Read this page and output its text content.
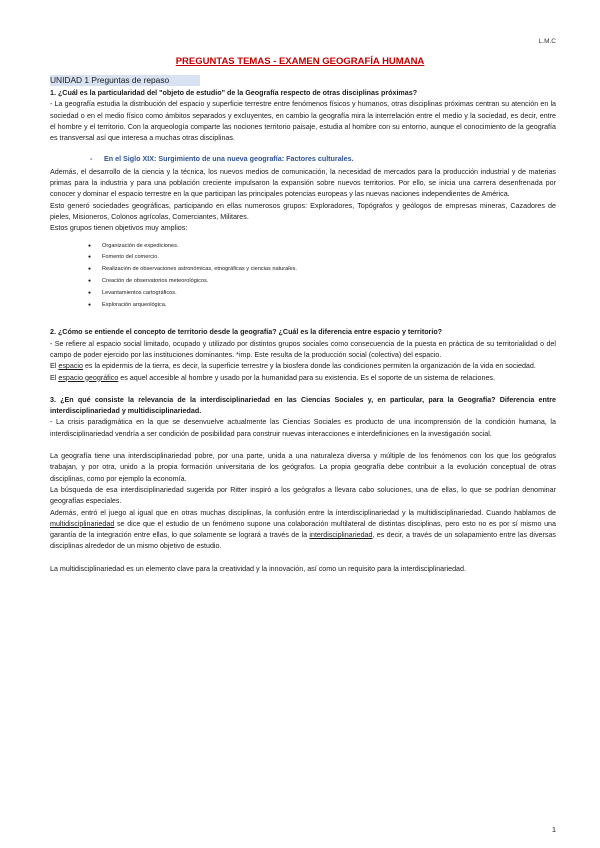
L.M.C
PREGUNTAS TEMAS - EXAMEN GEOGRAFÍA HUMANA
UNIDAD 1 Preguntas de repaso

1. ¿Cuál es la particularidad del "objeto de estudio" de la Geografía respecto de otras disciplinas próximas?

- La geografía estudia la distribución del espacio y superficie terrestre entre fenómenos físicos y humanos, otras disciplinas próximas centran su atención en la sociedad o en el medio físico como ámbitos separados y excluyentes, en cambio la geografía mira la interrelación entre el medio y la sociedad, es decir, entre el hombre y el territorio. Con la arqueología comparte las nociones territorio paisaje, estudia al hombre con su entorno, aunque el conocimiento de la geografía es transversal así que interesa a muchas otras disciplinas.

- En el Siglo XIX: Surgimiento de una nueva geografía: Factores culturales.

Además, el desarrollo de la ciencia y la técnica, los nuevos medios de comunicación, la necesidad de mercados para la producción industrial y de materias primas para la industria y para una población creciente impulsaron la expansión sobre nuevos territorios. Por ello, se inicia una carrera desenfrenada por conocer y dominar el espacio terrestre en la que participan las principales potencias europeas y las nuevas naciones independientes de América.

Esto generó sociedades geográficas, participando en ellas numerosos grupos: Exploradores, Topógrafos y geólogos de empresas mineras, Cazadores de pieles, Misioneros, Colonos agrícolas, Comerciantes, Militares.

Estos grupos tienen objetivos muy amplios:

● Organización de expediciones.
● Fomento del comercio.
● Realización de observaciones astronómicas, etnográficas y ciencias naturales.
● Creación de observatorios meteorológicos.
● Levantamientos cartográficos.
● Exploración arqueológica.

2. ¿Cómo se entiende el concepto de territorio desde la geografía? ¿Cuál es la diferencia entre espacio y territorio?

- Se refiere al espacio social limitado, ocupado y utilizado por distintos grupos sociales como consecuencia de la puesta en práctica de su territorialidad o del campo de poder ejercido por las instituciones dominantes. *imp. Este resulta de la producción social (colectiva) del espacio.

El espacio es la epidermis de la tierra, es decir, la superficie terrestre y la biosfera donde las condiciones permiten la organización de la vida en sociedad.

El espacio geográfico es aquel accesible al hombre y usado por la humanidad para su existencia. Es el soporte de un sistema de relaciones.

3. ¿En qué consiste la relevancia de la interdisciplinariedad en las Ciencias Sociales y, en particular, para la Geografía? Diferencia entre interdisciplinariedad y multidisciplinariedad.

- La crisis paradigmática en la que se desenvuelve actualmente las Ciencias Sociales es producto de una incomprensión de la condición humana, la interdisciplinariedad vendría a ser condición de posibilidad para construir nuevas interacciones e interdefiniciones en la investigación social.

La geografía tiene una interdisciplinariedad pobre, por una parte, unida a una naturaleza diversa y múltiple de los fenómenos con los que los geógrafos trabajan, y por otra, unido a la propia formación universitaria de los geógrafos. La propia geografía debe contribuir a la evolución conceptual de otras disciplinas, como por ejemplo la economía.

La búsqueda de esa interdisciplinariedad sugerida por Ritter inspiró a los geógrafos a llevara cabo soluciones, una de ellas, lo que se podrían denominar geografías especiales.

Además, entró el juego al igual que en otras muchas disciplinas, la confusión entre la interdisciplinariedad y la multidisciplinariedad. Cuando hablamos de multidisciplinariedad se dice que el estudio de un fenómeno supone una colaboración multilateral de distintas disciplinas, pero esto no es por sí mismo una garantía de la integración entre ellas, lo que solamente se logrará a través de la interdisciplinariedad, es decir, a través de un solapamiento entre las diversas disciplinas alrededor de un mismo objetivo de estudio.

La multidisciplinariedad es un elemento clave para la creatividad y la innovación, así como un requisito para la interdisciplinariedad.

1
